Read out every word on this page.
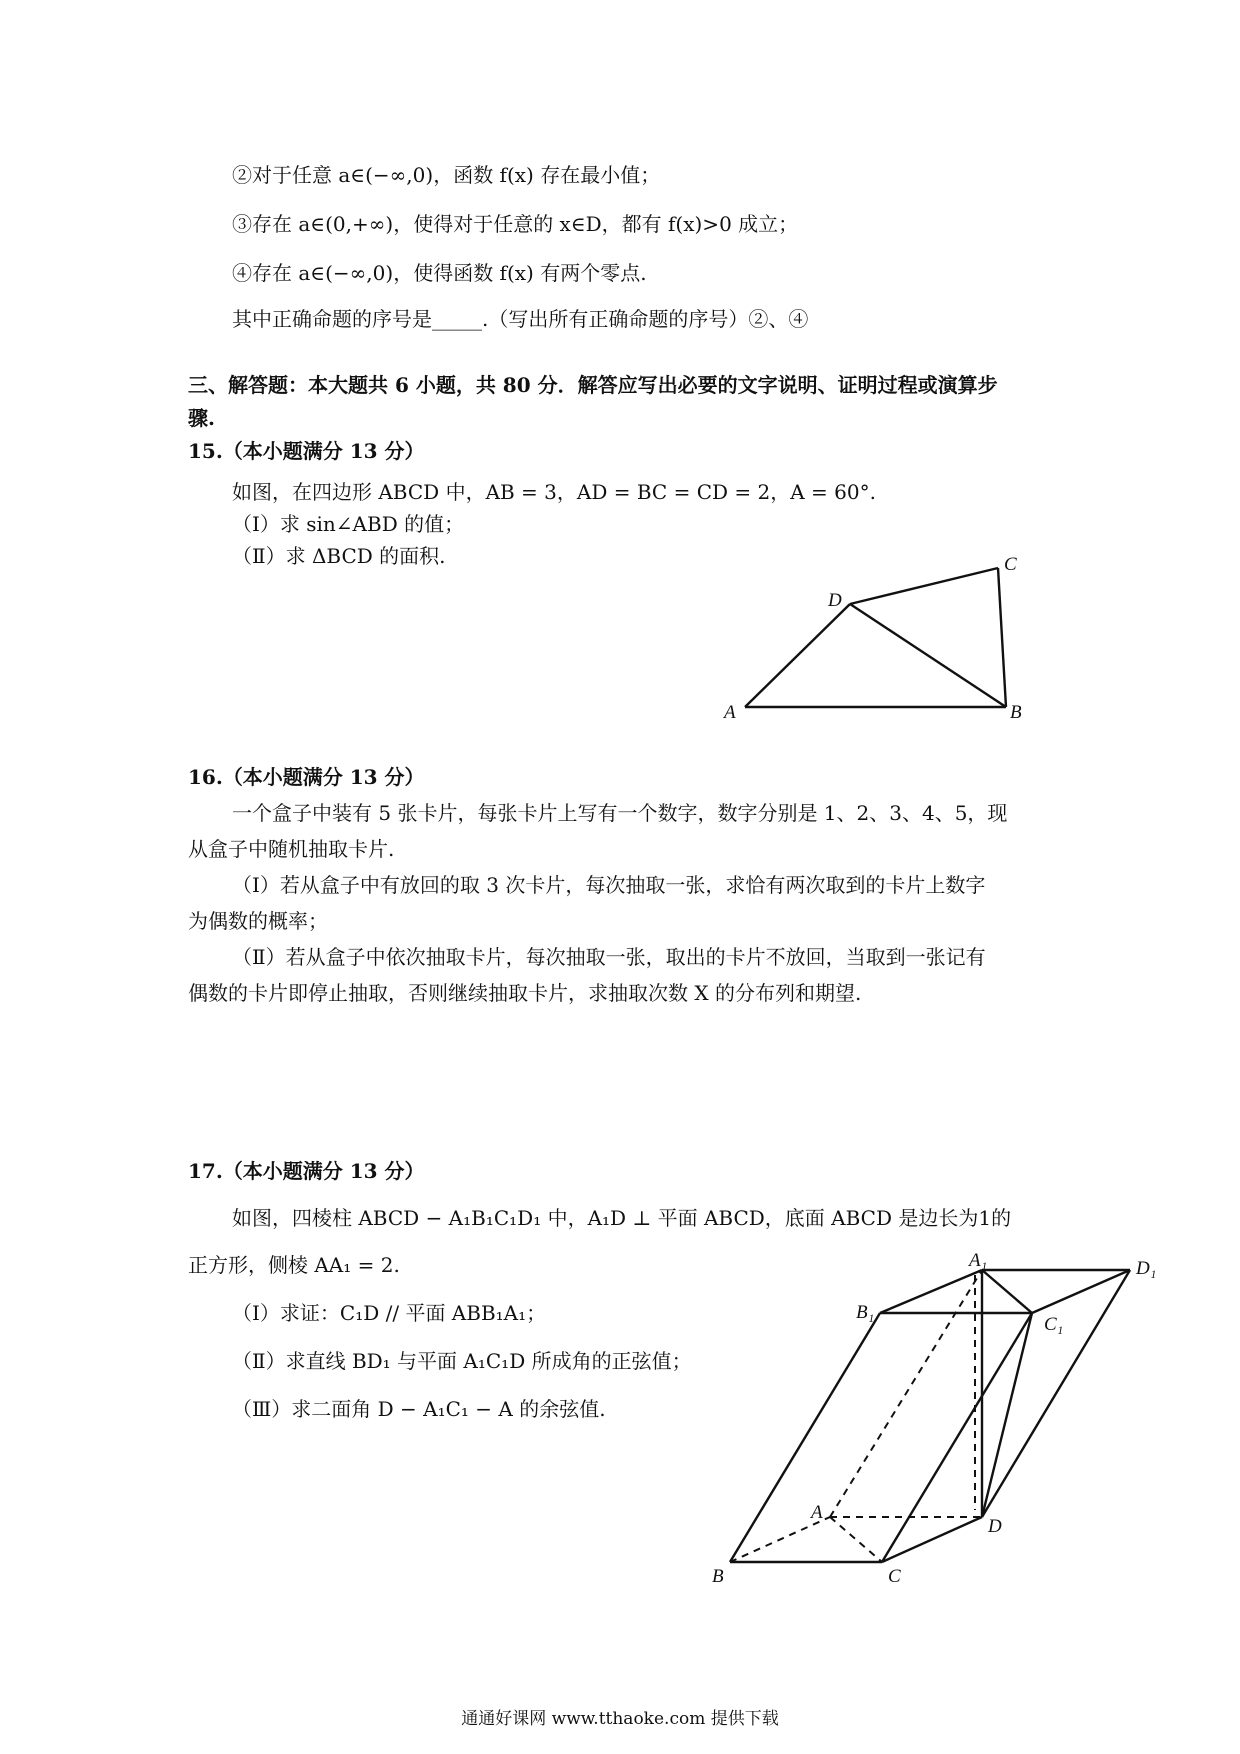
②对于任意 a∈(−∞,0)，函数 f(x) 存在最小值；
③存在 a∈(0,+∞)，使得对于任意的 x∈D，都有 f(x)>0 成立；
④存在 a∈(−∞,0)，使得函数 f(x) 有两个零点.
其中正确命题的序号是_____.（写出所有正确命题的序号）②、④
三、解答题：本大题共 6 小题，共 80 分．解答应写出必要的文字说明、证明过程或演算步
骤.
15.（本小题满分 13 分）
如图，在四边形 ABCD 中，AB = 3，AD = BC = CD = 2，A = 60°.
（Ⅰ）求 sin∠ABD 的值；
（Ⅱ）求 ΔBCD 的面积.
A	B
C
D
16.（本小题满分 13 分）
一个盒子中装有 5 张卡片，每张卡片上写有一个数字，数字分别是 1、2、3、4、5，现
从盒子中随机抽取卡片.
（Ⅰ）若从盒子中有放回的取 3 次卡片，每次抽取一张，求恰有两次取到的卡片上数字
为偶数的概率；
（Ⅱ）若从盒子中依次抽取卡片，每次抽取一张，取出的卡片不放回，当取到一张记有
偶数的卡片即停止抽取，否则继续抽取卡片，求抽取次数 X 的分布列和期望.
17.（本小题满分 13 分）
如图，四棱柱 ABCD − A₁B₁C₁D₁ 中，A₁D ⊥ 平面 ABCD，底面 ABCD 是边长为1的
正方形，侧棱 AA₁ = 2.
（Ⅰ）求证：C₁D // 平面 ABB₁A₁；
（Ⅱ）求直线 BD₁ 与平面 A₁C₁D 所成角的正弦值；
（Ⅲ）求二面角 D − A₁C₁ − A 的余弦值.
A₁	D₁
B₁
C₁
A
D
B	C
通通好课网 www.tthaoke.com 提供下载
